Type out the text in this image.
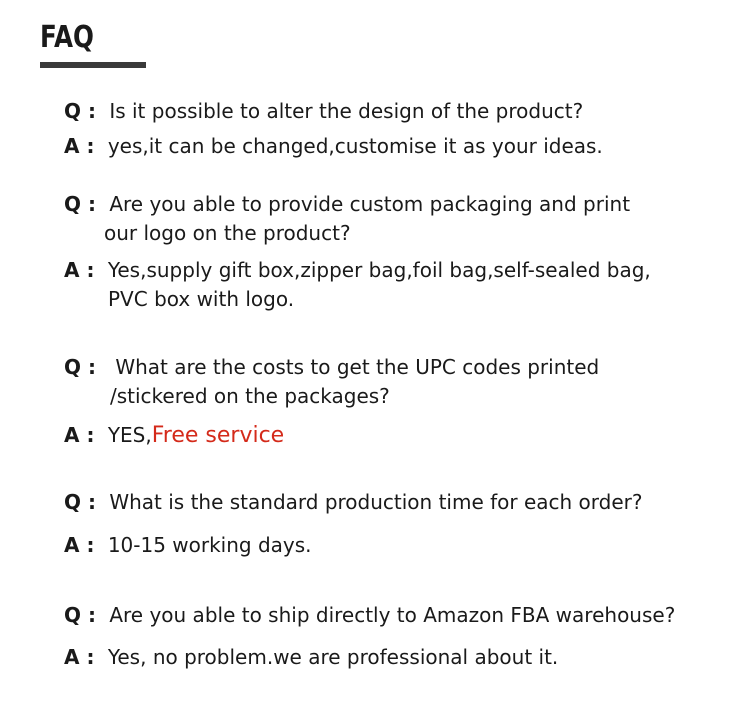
FAQ
Q : Is it possible to alter the design of the product?
A : yes,it can be changed,customise it as your ideas.
Q : Are you able to provide custom packaging and print
our logo on the product?
A : Yes,supply gift box,zipper bag,foil bag,self-sealed bag,
PVC box with logo.
Q : What are the costs to get the UPC codes printed
/stickered on the packages?
A : YES,Free service
Q : What is the standard production time for each order?
A : 10-15 working days.
Q : Are you able to ship directly to Amazon FBA warehouse?
A : Yes, no problem.we are professional about it.
